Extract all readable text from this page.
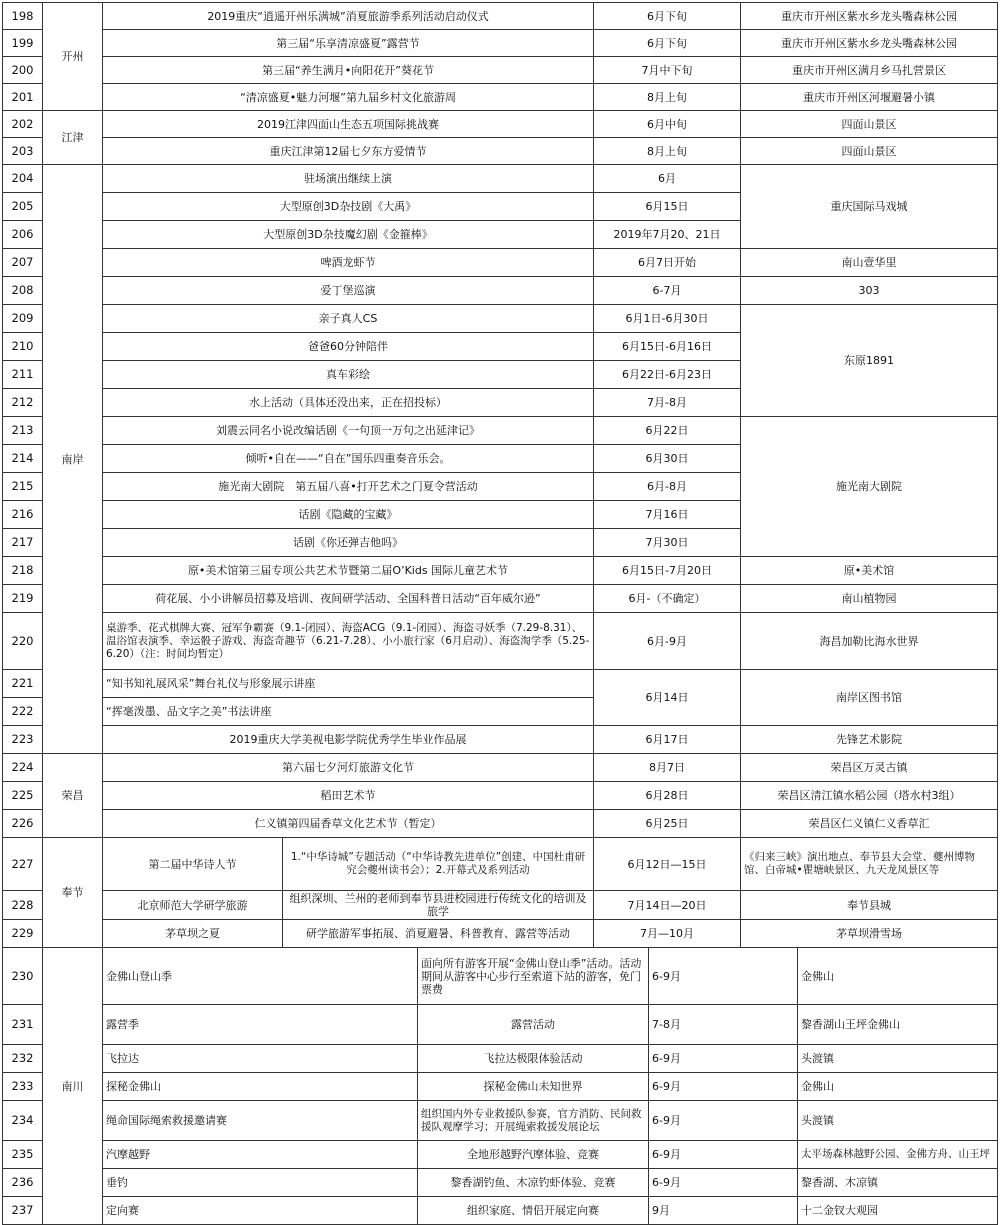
198	开州	2019重庆“逍遥开州乐满城”消夏旅游季系列活动启动仪式			6月下旬		重庆市开州区紫水乡龙头嘴森林公园	
199		第三届“乐享清凉盛夏”露营节			6月下旬		重庆市开州区紫水乡龙头嘴森林公园	
200		第三届“养生满月•向阳花开”葵花节			7月中下旬		重庆市开州区满月乡马扎营景区	
201		“清凉盛夏•魅力河堰”第九届乡村文化旅游周			8月上旬		重庆市开州区河堰避暑小镇	
202	江津	2019江津四面山生态五项国际挑战赛			6月中旬		四面山景区	
203		重庆江津第12届七夕东方爱情节			8月上旬		四面山景区	
204	南岸	驻场演出继续上演			6月		重庆国际马戏城	
205		大型原创3D杂技剧《大禹》			6月15日			
206		大型原创3D杂技魔幻剧《金箍棒》			2019年7月20、21日			
207		啤酒龙虾节			6月7日开始		南山壹华里	
208		爱丁堡巡演			6-7月		303	
209		亲子真人CS			6月1日-6月30日		东原1891	
210		爸爸60分钟陪伴			6月15日-6月16日			
211		真车彩绘			6月22日-6月23日			
212		水上活动（具体还没出来，正在招投标）			7月-8月			
213		刘震云同名小说改编话剧《一句顶一万句之出延津记》			6月22日		施光南大剧院	
214		倾听•自在——“自在”国乐四重奏音乐会。			6月30日			
215		施光南大剧院　第五届八喜•打开艺术之门夏令营活动			6月-8月			
216		话剧《隐藏的宝藏》			7月16日			
217		话剧《你还弹吉他吗》			7月30日			
218		原•美术馆第三届专项公共艺术节暨第二届O’Kids 国际儿童艺术节			6月15日-7月20日		原•美术馆	
219		荷花展、小小讲解员招募及培训、夜间研学活动、全国科普日活动“百年威尔逊”			6月-（不确定）		南山植物园	
220		桌游季、花式棋牌大赛、冠军争霸赛（9.1-闭园）、海盗ACG（9.1-闭园）、海盗寻妖季（7.29-8.31）、温浴馆表演季、幸运骰子游戏、海盗奇趣节（6.21-7.28）、小小旅行家（6月启动）、海盗淘学季（5.25-6.20）（注：时间均暂定）			6月-9月		海昌加勒比海水世界	
221		“知书知礼展风采”舞台礼仪与形象展示讲座			6月14日		南岸区图书馆	
222		“挥毫泼墨、品文字之美”书法讲座						
223		2019重庆大学美视电影学院优秀学生毕业作品展			6月17日		先锋艺术影院	
224	荣昌	第六届七夕河灯旅游文化节			8月7日		荣昌区万灵古镇	
225		稻田艺术节			6月28日		荣昌区清江镇水稻公园（塔水村3组）	
226		仁义镇第四届香草文化艺术节（暂定）			6月25日		荣昌区仁义镇仁义香草汇	
227	奉节	第二届中华诗人节	1.“中华诗城”专题活动（“中华诗教先进单位”创建、中国杜甫研究会夔州读书会）；2.开幕式及系列活动		6月12日—15日		《归来三峡》演出地点、奉节县大会堂、夔州博物馆、白帝城•瞿塘峡景区、九天龙凤景区等	
228		北京师范大学研学旅游	组织深圳、兰州的老师到奉节县进校园进行传统文化的培训及旅学		7月14日—20日		奉节县城	
229		茅草坝之夏	研学旅游军事拓展、消夏避暑、科普教育、露营等活动		7月—10月		茅草坝滑雪场	
230	南川	金佛山登山季		面向所有游客开展“金佛山登山季”活动。活动期间从游客中心步行至索道下站的游客，免门票费		6-9月		金佛山
231		露营季		露营活动		7-8月		黎香湖山王坪金佛山
232		飞拉达		飞拉达极限体验活动		6-9月		头渡镇
233		探秘金佛山		探秘金佛山未知世界		6-9月		金佛山
234		绳命国际绳索救援邀请赛		组织国内外专业救援队参赛，官方消防、民间救援队观摩学习；开展绳索救援发展论坛		6-9月		头渡镇
235		汽摩越野		全地形越野汽摩体验、竞赛		6-9月		太平场森林越野公园、金佛方舟、山王坪
236		垂钓		黎香湖钓鱼、木凉钓虾体验、竞赛		6-9月		黎香湖、木凉镇
237		定向赛		组织家庭、情侣开展定向赛		9月		十二金钗大观园
